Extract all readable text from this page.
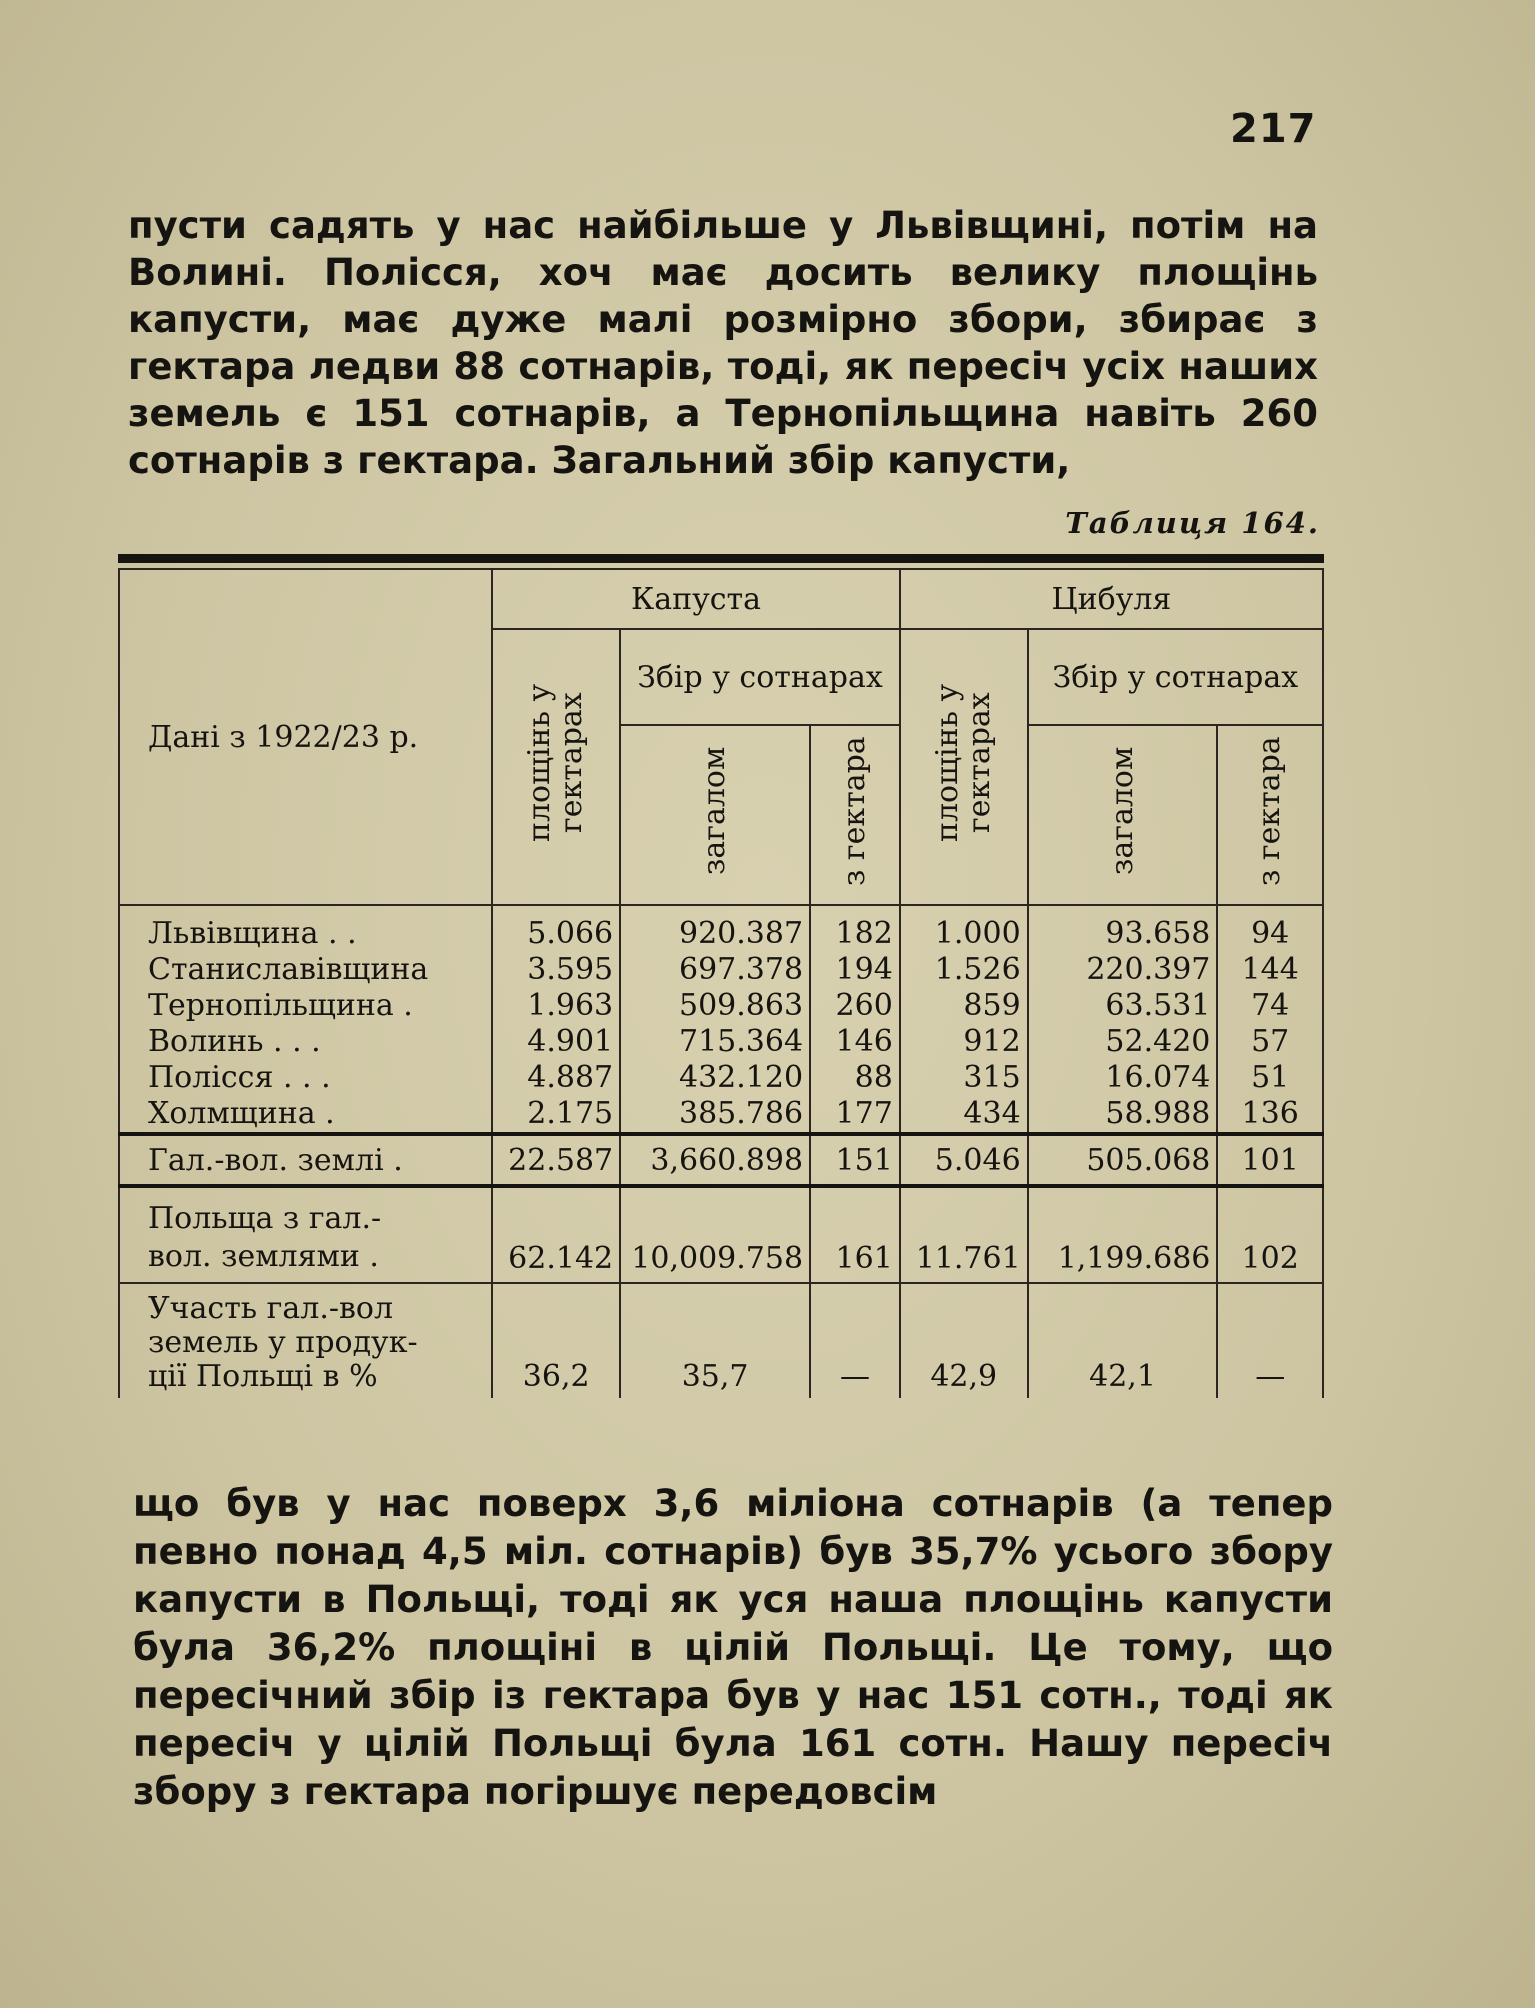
217

пусти садять у нас найбільше у Львівщині, потім на Волині. Полісся, хоч має досить велику площінь капусти, має дуже малі розмірно збори, збирає з гектара ледви 88 сотнарів, тоді, як пересіч усіх наших земель є 151 сотнарів, а Тернопільщина навіть 260 сотнарів з гектара. Загальний збір капусти,

Таблиця 164.
Дані з 1922/23 р.	Капуста			Цибуля		
	площінь у гектарах	Збір у сотнарах		площінь у гектарах	Збір у сотнарах	
		загалом	з гектара		загалом	з гектара
Львівщина . .	5.066	920.387	182	1.000	93.658	94
Станиславівщина	3.595	697.378	194	1.526	220.397	144
Тернопільщина .	1.963	509.863	260	859	63.531	74
Волинь . . .	4.901	715.364	146	912	52.420	57
Полісся . . .	4.887	432.120	88	315	16.074	51
Холмщина .	2.175	385.786	177	434	58.988	136
Гал.-вол. землі .	22.587	3,660.898	151	5.046	505.068	101

Польща з гал.-
вол. землями .	62.142	10,009.758	161	11.761	1,199.686	102

Участь гал.-вол
земель у продук-
ції Польщі в %	36,2	35,7	—	42,9	42,1	—

що був у нас поверх 3,6 міліона сотнарів (а тепер певно понад 4,5 міл. сотнарів) був 35,7% усього збору капусти в Польщі, тоді як уся наша площінь капусти була 36,2% площіні в цілій Польщі. Це тому, що пересічний збір із гектара був у нас 151 сотн., тоді як пересіч у цілій Польщі була 161 сотн. Нашу пересіч збору з гектара погіршує передовсім
